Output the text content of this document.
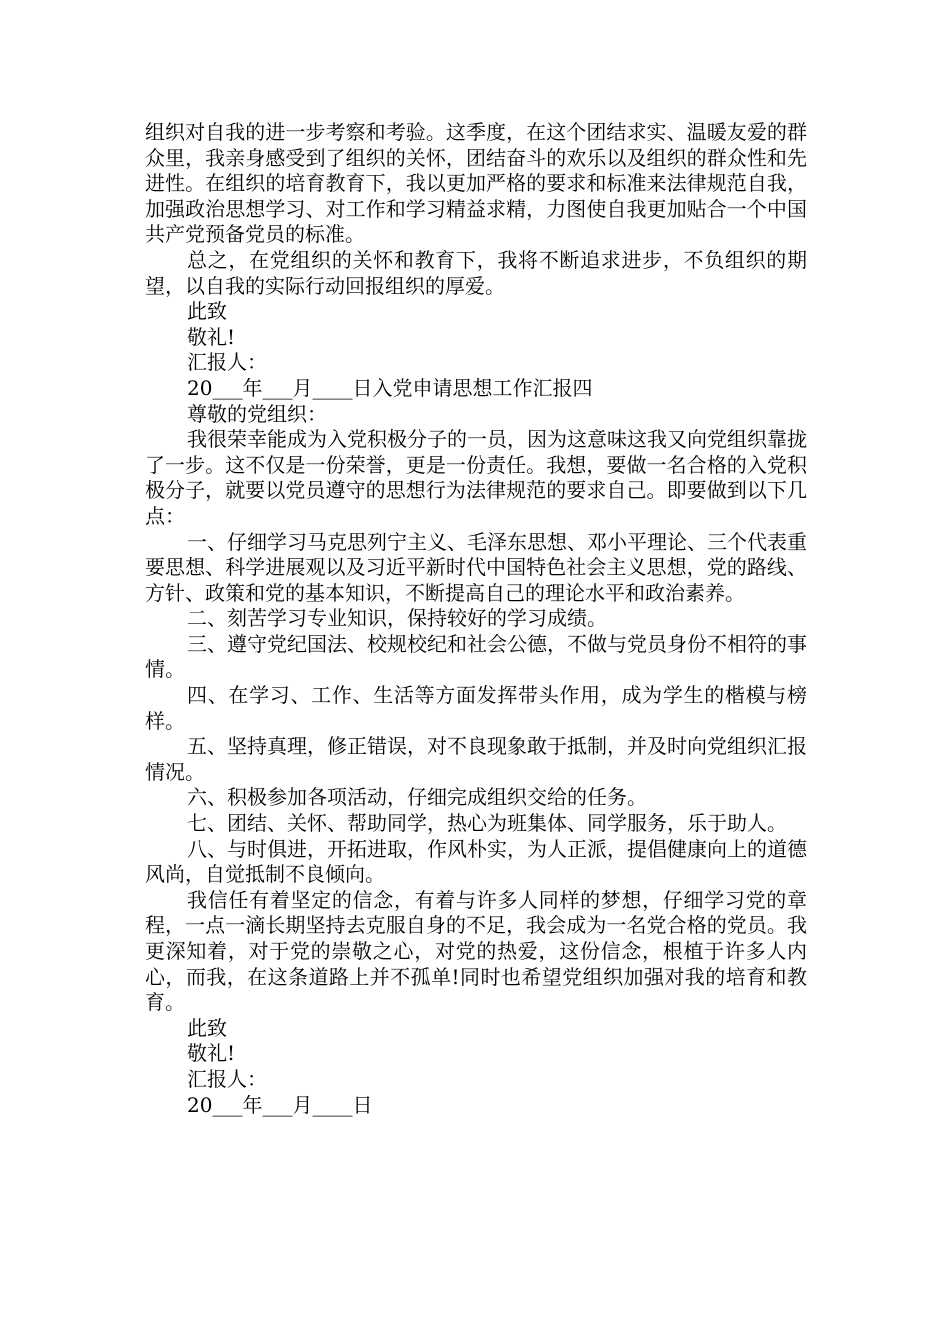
组织对自我的进一步考察和考验。这季度，在这个团结求实、温暖友爱的群众里，我亲身感受到了组织的关怀，团结奋斗的欢乐以及组织的群众性和先进性。在组织的培育教育下，我以更加严格的要求和标准来法律规范自我，加强政治思想学习、对工作和学习精益求精，力图使自我更加贴合一个中国共产党预备党员的标准。

总之，在党组织的关怀和教育下，我将不断追求进步，不负组织的期望，以自我的实际行动回报组织的厚爱。

此致

敬礼!

汇报人：

20___年___月____日入党申请思想工作汇报四

尊敬的党组织：

我很荣幸能成为入党积极分子的一员，因为这意味这我又向党组织靠拢了一步。这不仅是一份荣誉，更是一份责任。我想，要做一名合格的入党积极分子，就要以党员遵守的思想行为法律规范的要求自己。即要做到以下几点：

一、仔细学习马克思列宁主义、毛泽东思想、邓小平理论、三个代表重要思想、科学进展观以及习近平新时代中国特色社会主义思想，党的路线、方针、政策和党的基本知识，不断提高自己的理论水平和政治素养。

二、刻苦学习专业知识，保持较好的学习成绩。

三、遵守党纪国法、校规校纪和社会公德，不做与党员身份不相符的事情。

四、在学习、工作、生活等方面发挥带头作用，成为学生的楷模与榜样。

五、坚持真理，修正错误，对不良现象敢于抵制，并及时向党组织汇报情况。

六、积极参加各项活动，仔细完成组织交给的任务。

七、团结、关怀、帮助同学，热心为班集体、同学服务，乐于助人。

八、与时俱进，开拓进取，作风朴实，为人正派，提倡健康向上的道德风尚，自觉抵制不良倾向。

我信任有着坚定的信念，有着与许多人同样的梦想，仔细学习党的章程，一点一滴长期坚持去克服自身的不足，我会成为一名党合格的党员。我更深知着，对于党的崇敬之心，对党的热爱，这份信念，根植于许多人内心，而我，在这条道路上并不孤单!同时也希望党组织加强对我的培育和教育。

此致

敬礼!

汇报人：

20___年___月____日
